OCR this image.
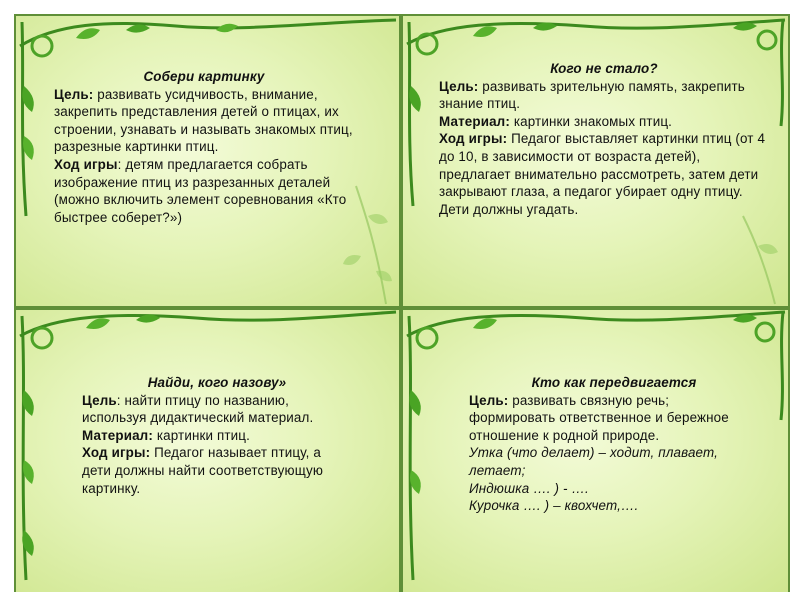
Собери картинку
Цель: развивать усидчивость, внимание, закрепить представления детей о птицах, их строении, узнавать и называть знакомых птиц, разрезные картинки птиц.
Ход игры: детям предлагается собрать изображение птиц из разрезанных деталей (можно включить элемент соревнования «Кто быстрее соберет?»)
Кого не стало?
Цель: развивать зрительную память, закрепить знание птиц.
Материал: картинки знакомых птиц.
Ход игры: Педагог выставляет картинки птиц (от 4 до 10, в зависимости от возраста детей), предлагает внимательно рассмотреть, затем дети закрывают глаза, а педагог убирает одну птицу. Дети должны угадать.
Найди, кого назову»
Цель: найти птицу по названию, используя дидактический материал.
Материал: картинки птиц.
Ход игры: Педагог называет птицу, а дети должны найти соответствующую картинку.
Кто как передвигается
Цель: развивать связную речь; формировать ответственное и бережное отношение к родной природе.
Утка (что делает) – ходит, плавает, летает;
Индюшка …. ) - ….
Курочка …. ) – квохчет,….
